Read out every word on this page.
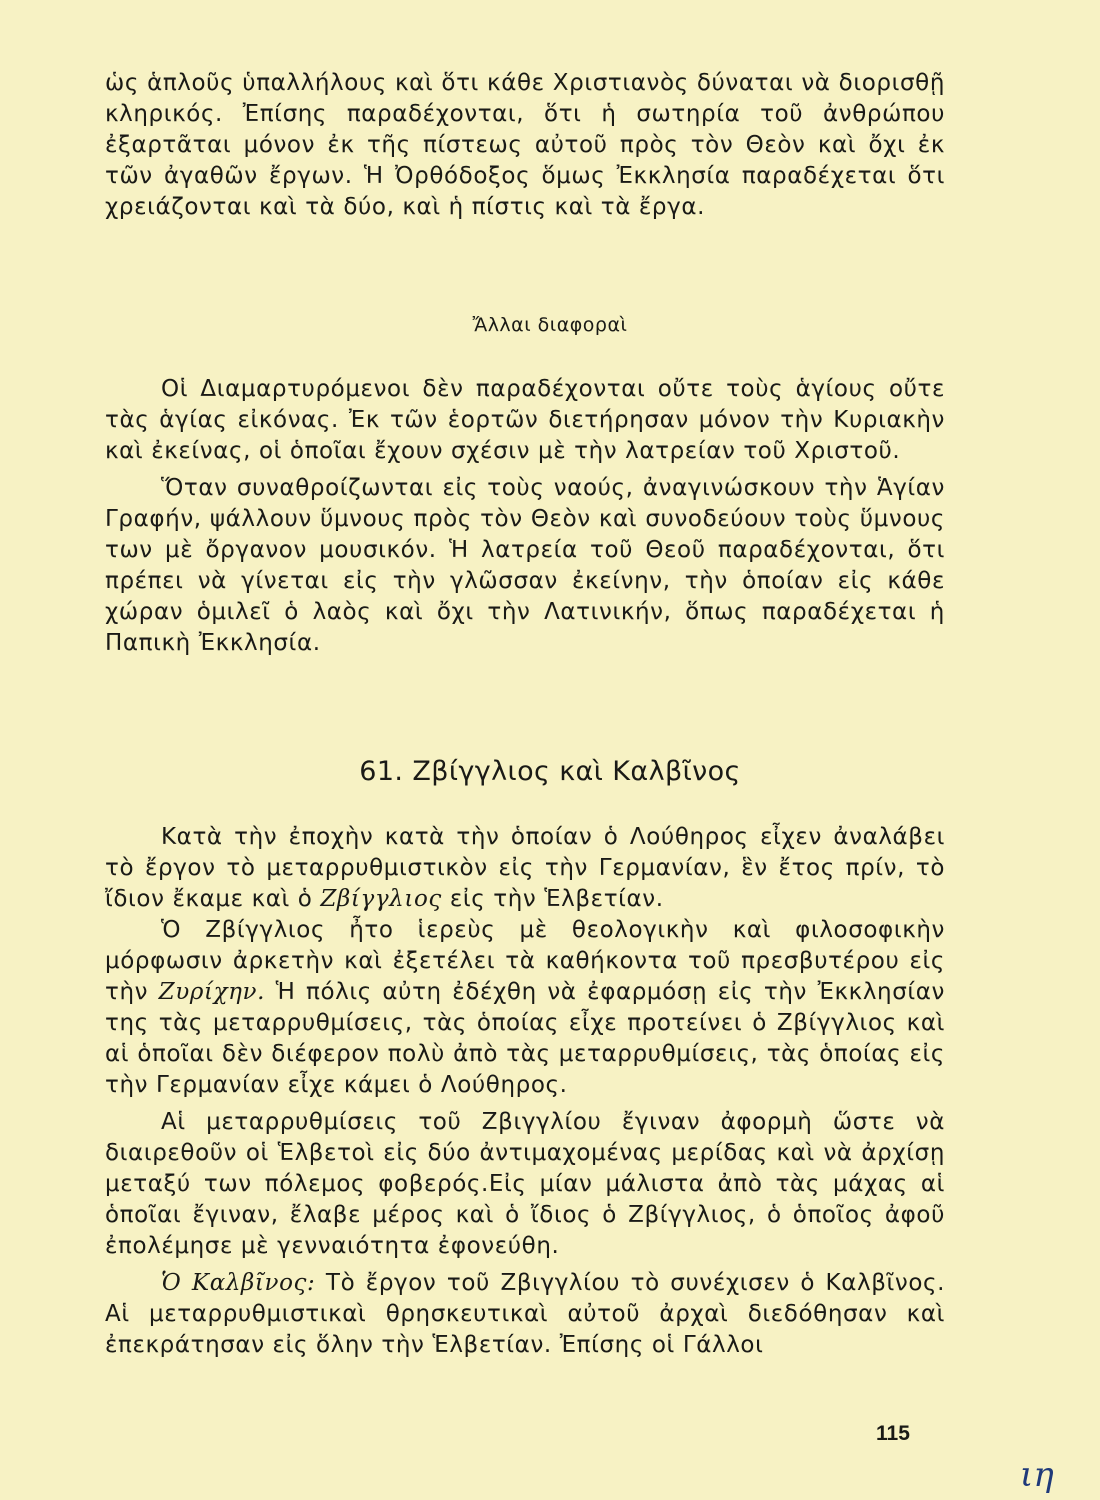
ὡς ἁπλοῦς ὑπαλλήλους καὶ ὅτι κάθε Χριστιανὸς δύναται νὰ διορισθῇ κληρικός. Ἐπίσης παραδέχονται, ὅτι ἡ σωτηρία τοῦ ἀνθρώπου ἐξαρτᾶται μόνον ἐκ τῆς πίστεως αὐτοῦ πρὸς τὸν Θεὸν καὶ ὄχι ἐκ τῶν ἀγαθῶν ἔργων. Ἡ Ὀρθόδοξος ὅμως Ἐκκλησία παραδέχεται ὅτι χρειάζονται καὶ τὰ δύο, καὶ ἡ πίστις καὶ τὰ ἔργα.

Ἄλλαι διαφοραὶ

Οἱ Διαμαρτυρόμενοι δὲν παραδέχονται οὔτε τοὺς ἁγίους οὔτε τὰς ἁγίας εἰκόνας. Ἐκ τῶν ἑορτῶν διετήρησαν μόνον τὴν Κυριακὴν καὶ ἐκείνας, οἱ ὁποῖαι ἔχουν σχέσιν μὲ τὴν λατρείαν τοῦ Χριστοῦ.

Ὅταν συναθροίζωνται εἰς τοὺς ναούς, ἀναγινώσκουν τὴν Ἁγίαν Γραφήν, ψάλλουν ὕμνους πρὸς τὸν Θεὸν καὶ συνοδεύουν τοὺς ὕμνους των μὲ ὄργανον μουσικόν. Ἡ λατρεία τοῦ Θεοῦ παραδέχονται, ὅτι πρέπει νὰ γίνεται εἰς τὴν γλῶσσαν ἐκείνην, τὴν ὁποίαν εἰς κάθε χώραν ὁμιλεῖ ὁ λαὸς καὶ ὄχι τὴν Λατινικήν, ὅπως παραδέχεται ἡ Παπικὴ Ἐκκλησία.

61. Ζβίγγλιος καὶ Καλβῖνος

Κατὰ τὴν ἐποχὴν κατὰ τὴν ὁποίαν ὁ Λούθηρος εἶχεν ἀναλάβει τὸ ἔργον τὸ μεταρρυθμιστικὸν εἰς τὴν Γερμανίαν, ἓν ἔτος πρίν, τὸ ἴδιον ἔκαμε καὶ ὁ Ζβίγγλιος εἰς τὴν Ἑλβετίαν.

Ὁ Ζβίγγλιος ἦτο ἱερεὺς μὲ θεολογικὴν καὶ φιλοσοφικὴν μόρφωσιν ἀρκετὴν καὶ ἐξετέλει τὰ καθήκοντα τοῦ πρεσβυτέρου εἰς τὴν Ζυρίχην. Ἡ πόλις αὐτη ἐδέχθη νὰ ἐφαρμόσῃ εἰς τὴν Ἐκκλησίαν της τὰς μεταρρυθμίσεις, τὰς ὁποίας εἶχε προτείνει ὁ Ζβίγγλιος καὶ αἱ ὁποῖαι δὲν διέφερον πολὺ ἀπὸ τὰς μεταρρυθμίσεις, τὰς ὁποίας εἰς τὴν Γερμανίαν εἶχε κάμει ὁ Λούθηρος.

Αἱ μεταρρυθμίσεις τοῦ Ζβιγγλίου ἔγιναν ἀφορμὴ ὥστε νὰ διαιρεθοῦν οἱ Ἑλβετοὶ εἰς δύο ἀντιμαχομένας μερίδας καὶ νὰ ἀρχίσῃ μεταξύ των πόλεμος φοβερός.Εἰς μίαν μάλιστα ἀπὸ τὰς μάχας αἱ ὁποῖαι ἔγιναν, ἔλαβε μέρος καὶ ὁ ἴδιος ὁ Ζβίγγλιος, ὁ ὁποῖος ἀφοῦ ἐπολέμησε μὲ γενναιότητα ἐφονεύθη.

Ὁ Καλβῖνος: Τὸ ἔργον τοῦ Ζβιγγλίου τὸ συνέχισεν ὁ Καλβῖνος. Αἱ μεταρρυθμιστικαὶ θρησκευτικαὶ αὐτοῦ ἀρχαὶ διεδόθησαν καὶ ἐπεκράτησαν εἰς ὅλην τὴν Ἑλβετίαν. Ἐπίσης οἱ Γάλλοι

115
ιη
